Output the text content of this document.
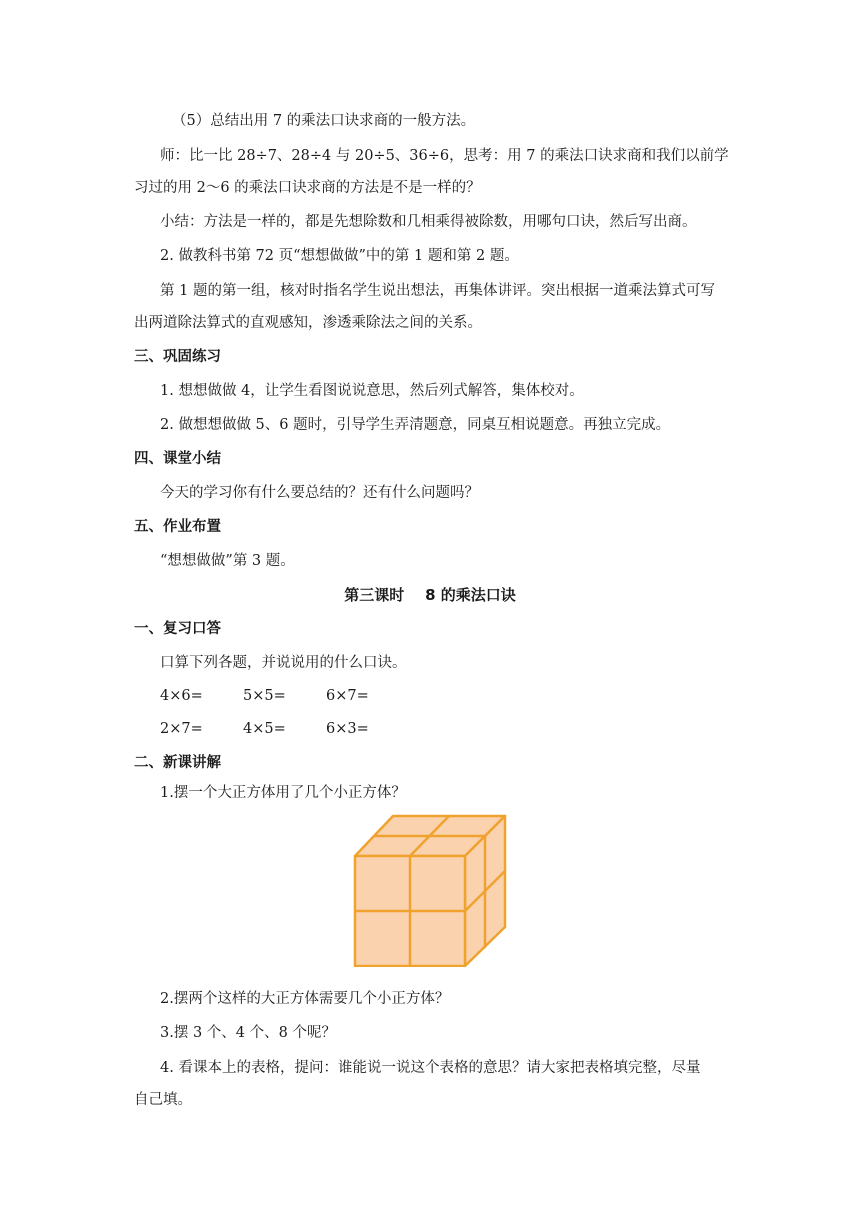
（5）总结出用 7 的乘法口诀求商的一般方法。
师：比一比 28÷7、28÷4 与 20÷5、36÷6，思考：用 7 的乘法口诀求商和我们以前学
习过的用 2～6 的乘法口诀求商的方法是不是一样的？
小结：方法是一样的，都是先想除数和几相乘得被除数，用哪句口诀，然后写出商。
2. 做教科书第 72 页“想想做做”中的第 1 题和第 2 题。
第 1 题的第一组，核对时指名学生说出想法，再集体讲评。突出根据一道乘法算式可写
出两道除法算式的直观感知，渗透乘除法之间的关系。
三、巩固练习
1. 想想做做 4，让学生看图说说意思，然后列式解答，集体校对。
2. 做想想做做 5、6 题时，引导学生弄清题意，同桌互相说题意。再独立完成。
四、课堂小结
今天的学习你有什么要总结的？还有什么问题吗？
五、作业布置
“想想做做”第 3 题。
第三课时    8 的乘法口诀
一、复习口答
口算下列各题，并说说用的什么口诀。
4×6=	5×5=	6×7=
2×7=	4×5=	6×3=
二、新课讲解
1.摆一个大正方体用了几个小正方体？
2.摆两个这样的大正方体需要几个小正方体？
3.摆 3 个、4 个、8 个呢？
4. 看课本上的表格，提问：谁能说一说这个表格的意思？请大家把表格填完整，尽量
自己填。
